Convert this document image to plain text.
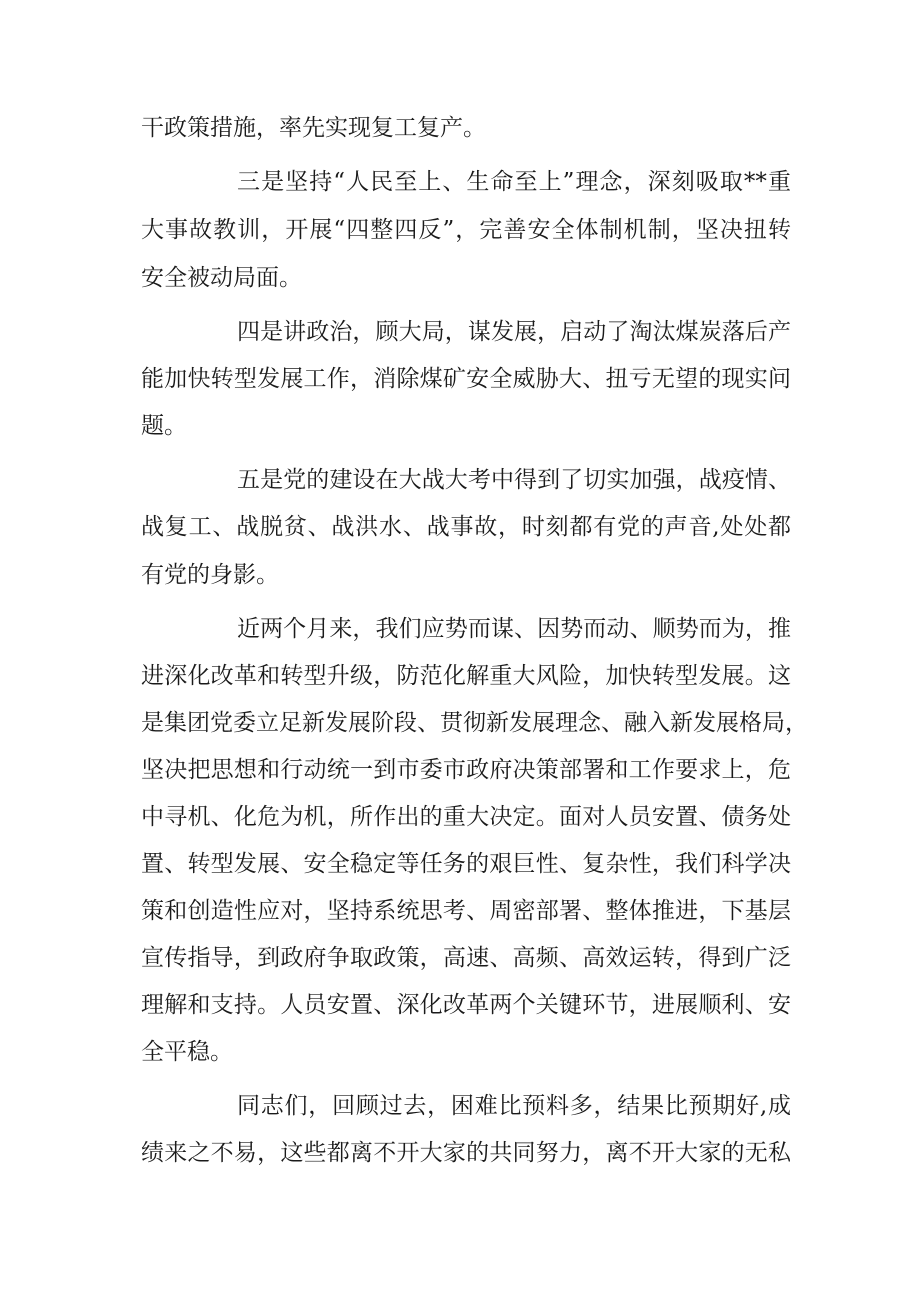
干政策措施，率先实现复工复产。
三是坚持“人民至上、生命至上”理念，深刻吸取**重
大事故教训，开展“四整四反”，完善安全体制机制，坚决扭转
安全被动局面。
四是讲政治，顾大局，谋发展，启动了淘汰煤炭落后产
能加快转型发展工作，消除煤矿安全威胁大、扭亏无望的现实问
题。
五是党的建设在大战大考中得到了切实加强，战疫情、
战复工、战脱贫、战洪水、战事故，时刻都有党的声音,处处都
有党的身影。
近两个月来，我们应势而谋、因势而动、顺势而为，推
进深化改革和转型升级，防范化解重大风险，加快转型发展。这
是集团党委立足新发展阶段、贯彻新发展理念、融入新发展格局，
坚决把思想和行动统一到市委市政府决策部署和工作要求上，危
中寻机、化危为机，所作出的重大决定。面对人员安置、债务处
置、转型发展、安全稳定等任务的艰巨性、复杂性，我们科学决
策和创造性应对，坚持系统思考、周密部署、整体推进，下基层
宣传指导，到政府争取政策，高速、高频、高效运转，得到广泛
理解和支持。人员安置、深化改革两个关键环节，进展顺利、安
全平稳。
同志们，回顾过去，困难比预料多，结果比预期好,成
绩来之不易，这些都离不开大家的共同努力，离不开大家的无私
